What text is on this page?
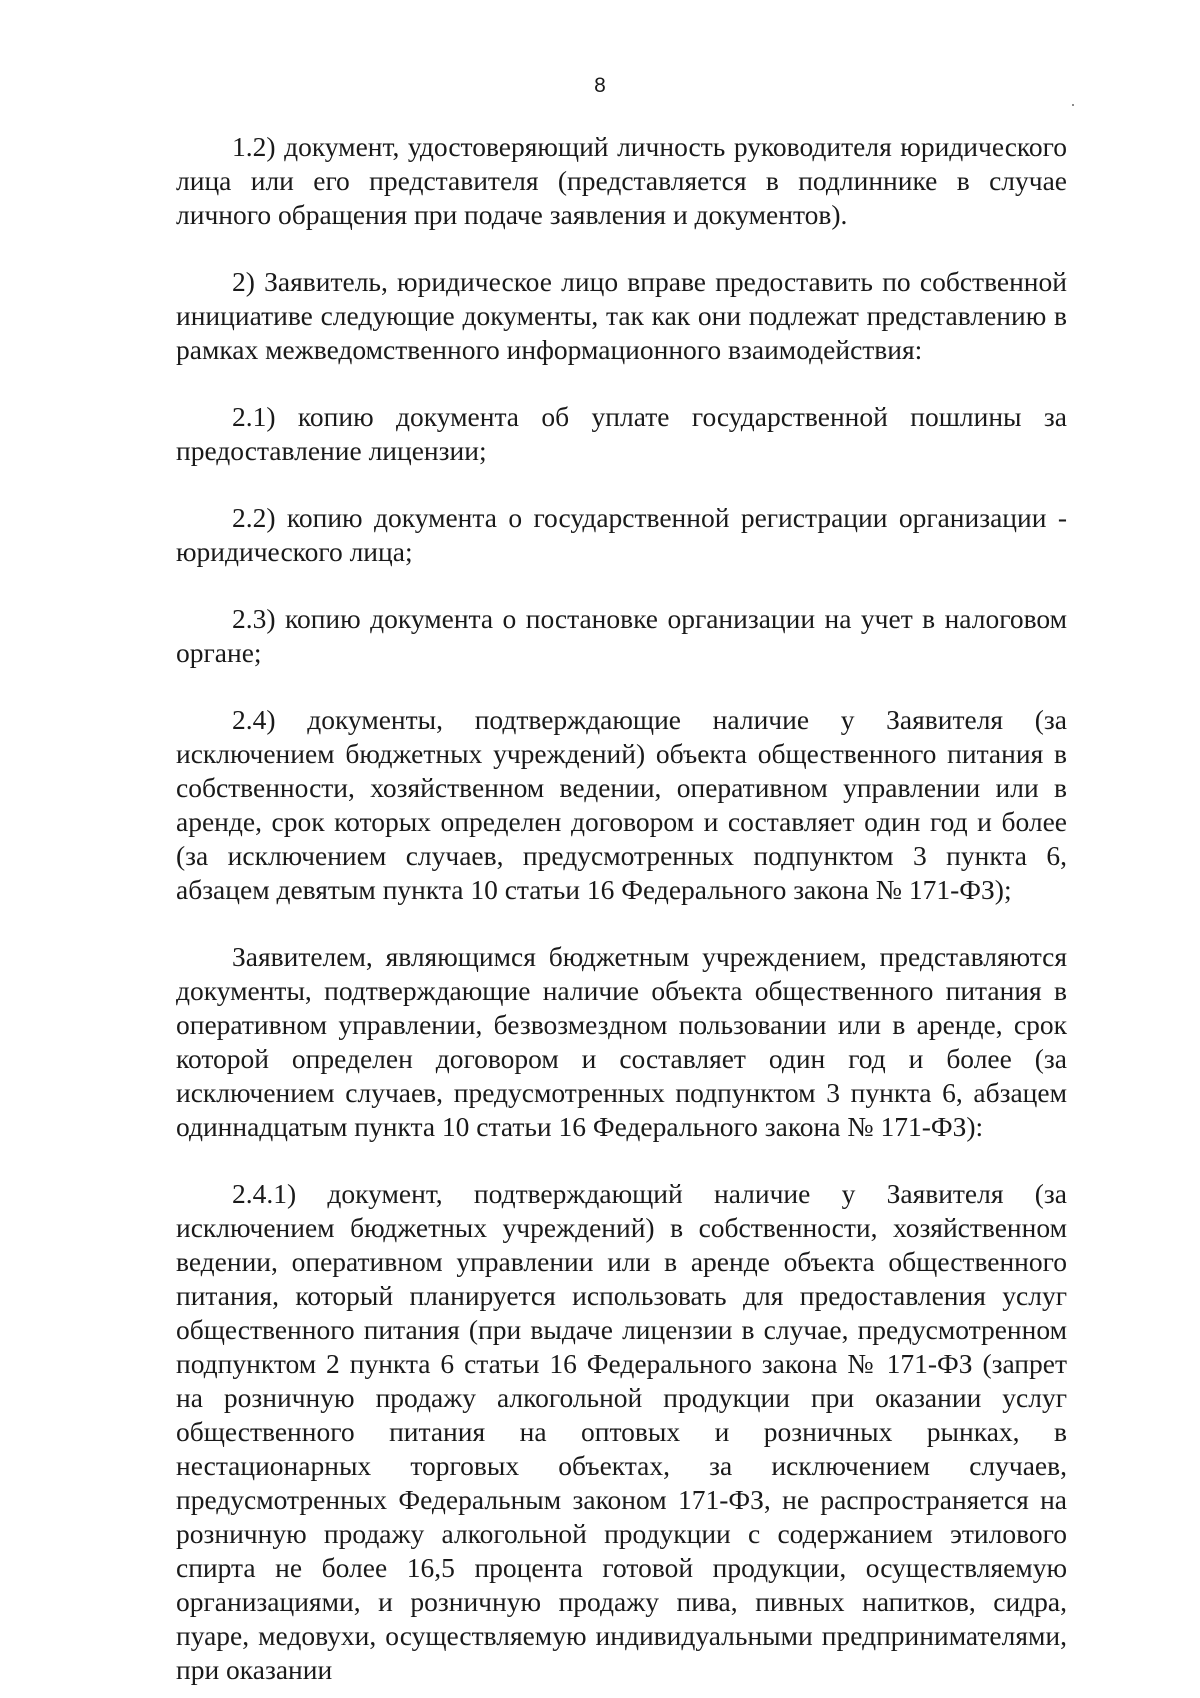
8

1.2) документ, удостоверяющий личность руководителя юридического лица или его представителя (представляется в подлиннике в случае личного обращения при подаче заявления и документов).

2) Заявитель, юридическое лицо вправе предоставить по собственной инициативе следующие документы, так как они подлежат представлению в рамках межведомственного информационного взаимодействия:

2.1) копию документа об уплате государственной пошлины за предоставление лицензии;

2.2) копию документа о государственной регистрации организации - юридического лица;

2.3) копию документа о постановке организации на учет в налоговом органе;

2.4) документы, подтверждающие наличие у Заявителя (за исключением бюджетных учреждений) объекта общественного питания в собственности, хозяйственном ведении, оперативном управлении или в аренде, срок которых определен договором и составляет один год и более (за исключением случаев, предусмотренных подпунктом 3 пункта 6, абзацем девятым пункта 10 статьи 16 Федерального закона № 171-ФЗ);

Заявителем, являющимся бюджетным учреждением, представляются документы, подтверждающие наличие объекта общественного питания в оперативном управлении, безвозмездном пользовании или в аренде, срок которой определен договором и составляет один год и более (за исключением случаев, предусмотренных подпунктом 3 пункта 6, абзацем одиннадцатым пункта 10 статьи 16 Федерального закона № 171-ФЗ):

2.4.1) документ, подтверждающий наличие у Заявителя (за исключением бюджетных учреждений) в собственности, хозяйственном ведении, оперативном управлении или в аренде объекта общественного питания, который планируется использовать для предоставления услуг общественного питания (при выдаче лицензии в случае, предусмотренном подпунктом 2 пункта 6 статьи 16 Федерального закона № 171-ФЗ (запрет на розничную продажу алкогольной продукции при оказании услуг общественного питания на оптовых и розничных рынках, в нестационарных торговых объектах, за исключением случаев, предусмотренных Федеральным законом 171-ФЗ, не распространяется на розничную продажу алкогольной продукции с содержанием этилового спирта не более 16,5 процента готовой продукции, осуществляемую организациями, и розничную продажу пива, пивных напитков, сидра, пуаре, медовухи, осуществляемую индивидуальными предпринимателями, при оказании
